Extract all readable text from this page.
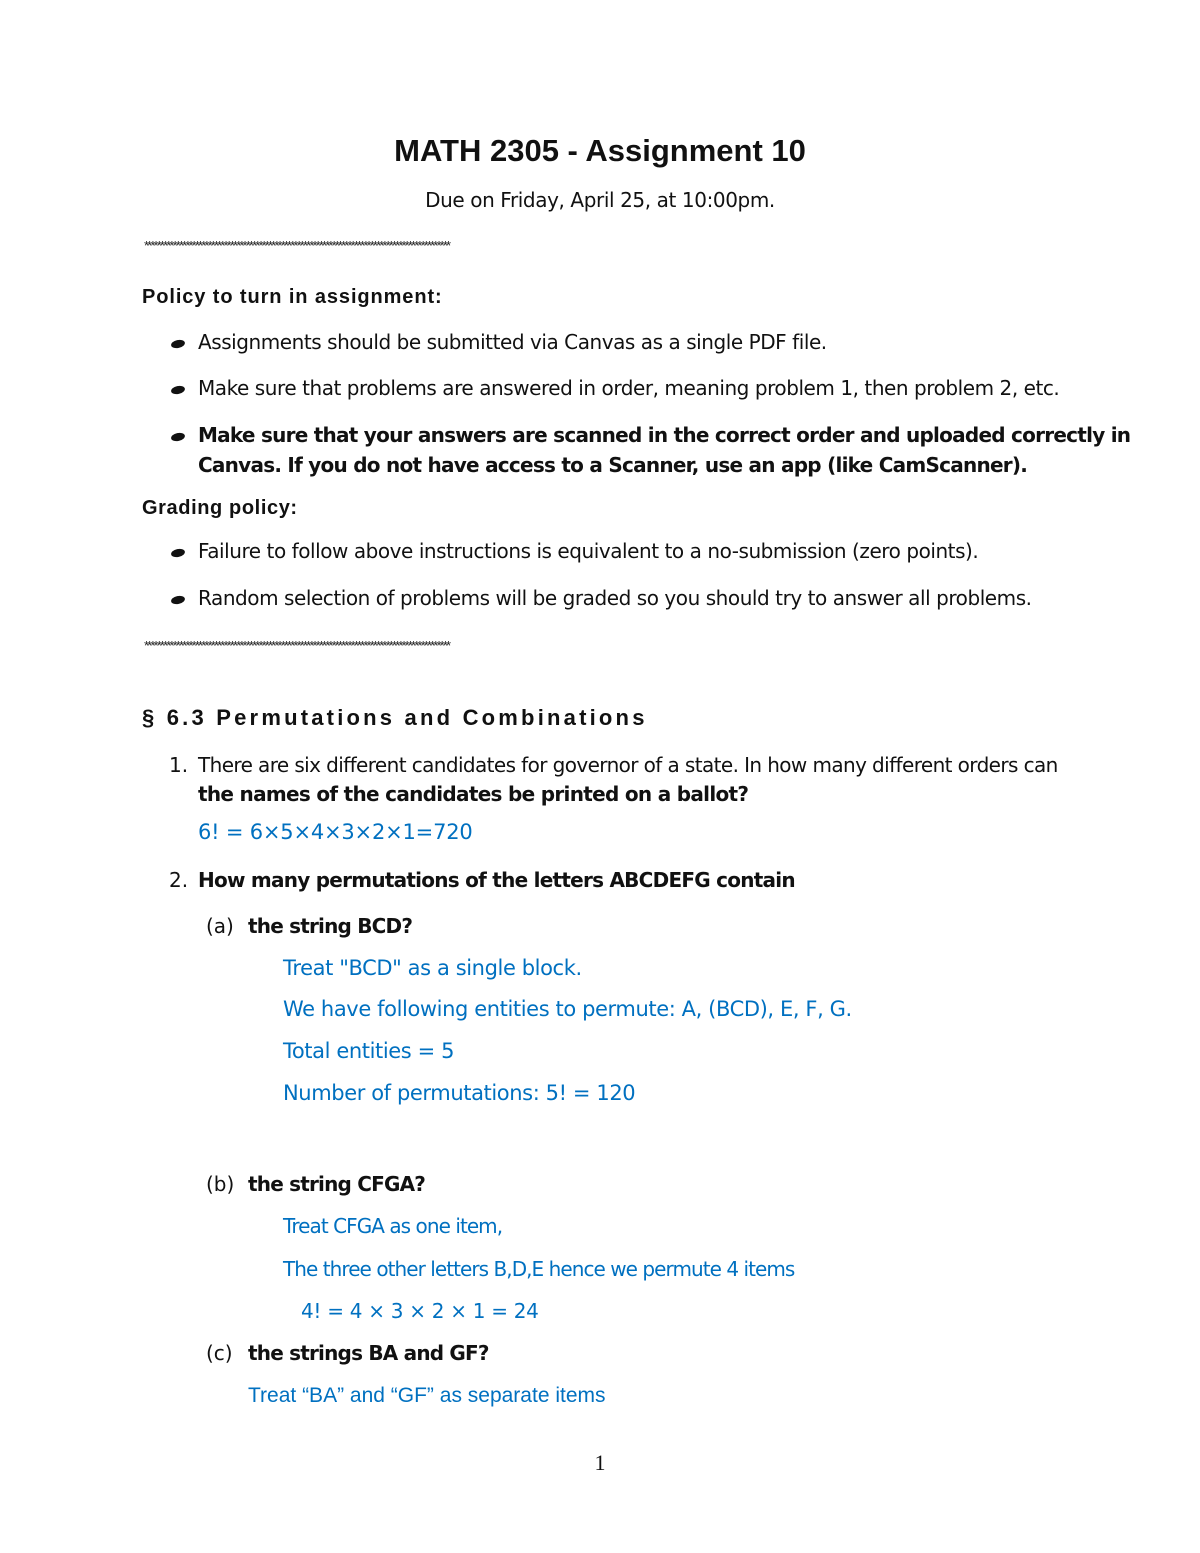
MATH 2305 - Assignment 10
Due on Friday, April 25, at 10:00pm.
************************************************************************************************
Policy to turn in assignment:
Assignments should be submitted via Canvas as a single PDF file.
Make sure that problems are answered in order, meaning problem 1, then problem 2, etc.
Make sure that your answers are scanned in the correct order and uploaded correctly in
Canvas. If you do not have access to a Scanner, use an app (like CamScanner).
Grading policy:
Failure to follow above instructions is equivalent to a no-submission (zero points).
Random selection of problems will be graded so you should try to answer all problems.
************************************************************************************************
§ 6.3 Permutations and Combinations
1. There are six different candidates for governor of a state. In how many different orders can
the names of the candidates be printed on a ballot?
6! = 6×5×4×3×2×1=720
2. How many permutations of the letters ABCDEFG contain
(a) the string BCD?
Treat "BCD" as a single block.
We have following entities to permute: A, (BCD), E, F, G.
Total entities = 5
Number of permutations: 5! = 120
(b) the string CFGA?
Treat CFGA as one item,
The three other letters B,D,E hence we permute 4 items
4! = 4 × 3 × 2 × 1 = 24
(c) the strings BA and GF?
Treat “BA” and “GF” as separate items
1
